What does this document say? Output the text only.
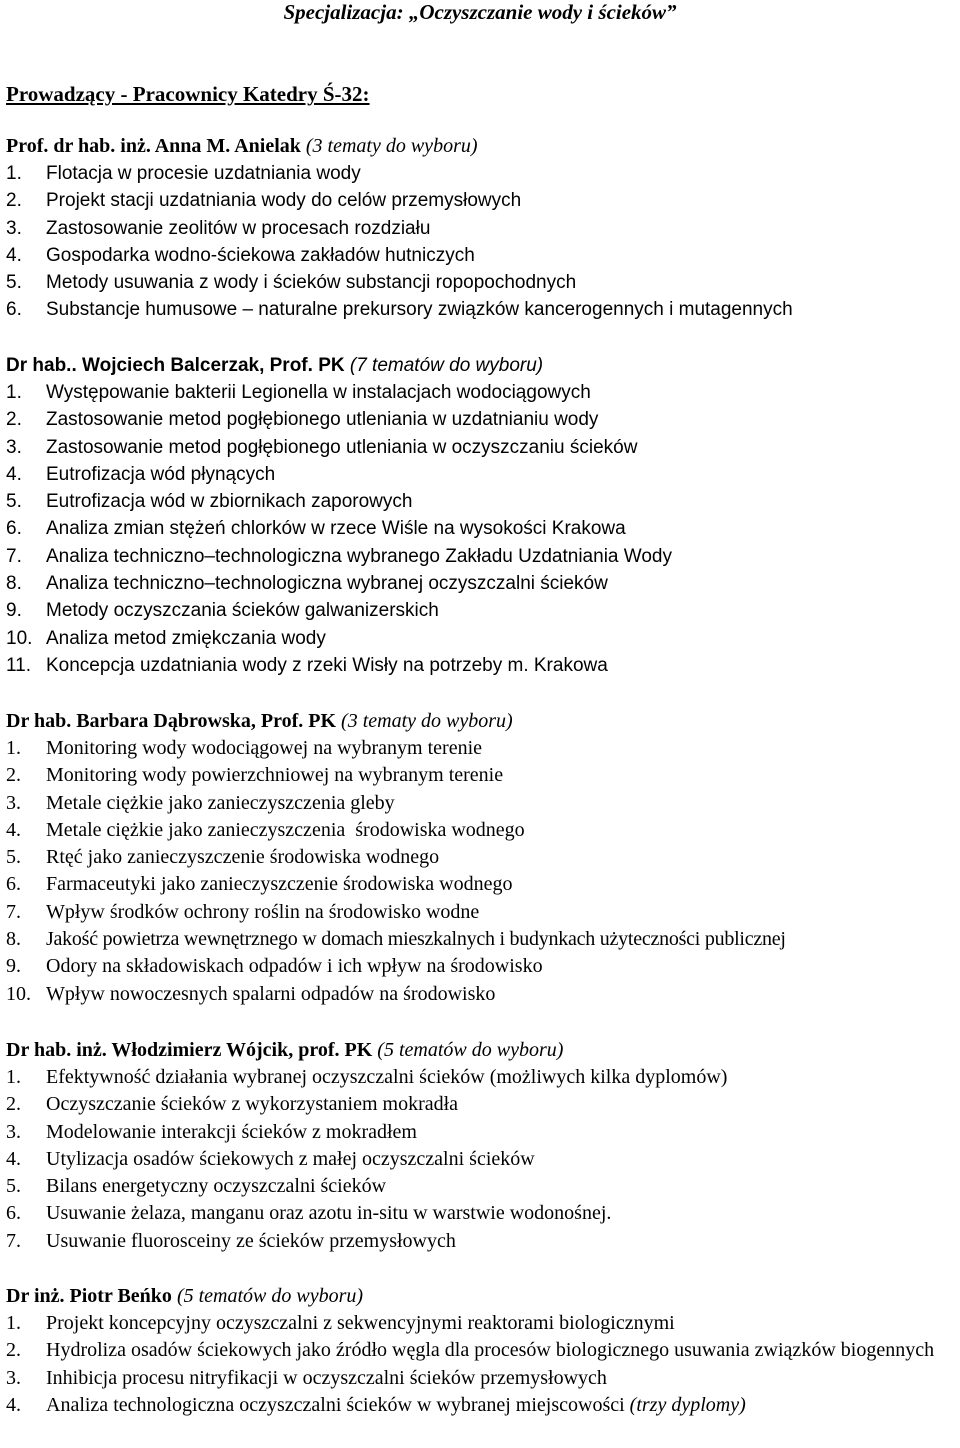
Specjalizacja: „Oczyszczanie wody i ścieków”
Prowadzący - Pracownicy Katedry Ś-32:
Prof. dr hab. inż. Anna M. Anielak (3 tematy do wyboru)
1.	Flotacja w procesie uzdatniania wody
2.	Projekt stacji uzdatniania wody do celów przemysłowych
3.	Zastosowanie zeolitów w procesach rozdziału
4.	Gospodarka wodno-ściekowa zakładów hutniczych
5.	Metody usuwania z wody i ścieków substancji ropopochodnych
6.	Substancje humusowe – naturalne prekursory związków kancerogennych i mutagennych
Dr hab.. Wojciech Balcerzak, Prof. PK (7 tematów do wyboru)
1.	Występowanie bakterii Legionella w instalacjach wodociągowych
2.	Zastosowanie metod pogłębionego utleniania w uzdatnianiu wody
3.	Zastosowanie metod pogłębionego utleniania w oczyszczaniu ścieków
4.	Eutrofizacja wód płynących
5.	Eutrofizacja wód w zbiornikach zaporowych
6.	Analiza zmian stężeń chlorków w rzece Wiśle na wysokości Krakowa
7.	Analiza techniczno–technologiczna wybranego Zakładu Uzdatniania Wody
8.	Analiza techniczno–technologiczna wybranej oczyszczalni ścieków
9.	Metody oczyszczania ścieków galwanizerskich
10. Analiza metod zmiękczania wody
11. Koncepcja uzdatniania wody z rzeki Wisły na potrzeby m. Krakowa
Dr hab. Barbara Dąbrowska, Prof. PK (3 tematy do wyboru)
1.	Monitoring wody wodociągowej na wybranym terenie
2.	Monitoring wody powierzchniowej na wybranym terenie
3.	Metale ciężkie jako zanieczyszczenia gleby
4.	Metale ciężkie jako zanieczyszczenia  środowiska wodnego
5.	Rtęć jako zanieczyszczenie środowiska wodnego
6.	Farmaceutyki jako zanieczyszczenie środowiska wodnego
7.	Wpływ środków ochrony roślin na środowisko wodne
8.	Jakość powietrza wewnętrznego w domach mieszkalnych i budynkach użyteczności publicznej
9.	Odory na składowiskach odpadów i ich wpływ na środowisko
10. Wpływ nowoczesnych spalarni odpadów na środowisko
Dr hab. inż. Włodzimierz Wójcik, prof. PK (5 tematów do wyboru)
1.	Efektywność działania wybranej oczyszczalni ścieków (możliwych kilka dyplomów)
2.	Oczyszczanie ścieków z wykorzystaniem mokradła
3.	Modelowanie interakcji ścieków z mokradłem
4.	Utylizacja osadów ściekowych z małej oczyszczalni ścieków
5.	Bilans energetyczny oczyszczalni ścieków
6.	Usuwanie żelaza, manganu oraz azotu in-situ w warstwie wodonośnej.
7.	Usuwanie fluorosceiny ze ścieków przemysłowych
Dr inż. Piotr Beńko (5 tematów do wyboru)
1.	Projekt koncepcyjny oczyszczalni z sekwencyjnymi reaktorami biologicznymi
2.	Hydroliza osadów ściekowych jako źródło węgla dla procesów biologicznego usuwania związków biogennych
3.	Inhibicja procesu nitryfikacji w oczyszczalni ścieków przemysłowych
4.	Analiza technologiczna oczyszczalni ścieków w wybranej miejscowości (trzy dyplomy)
